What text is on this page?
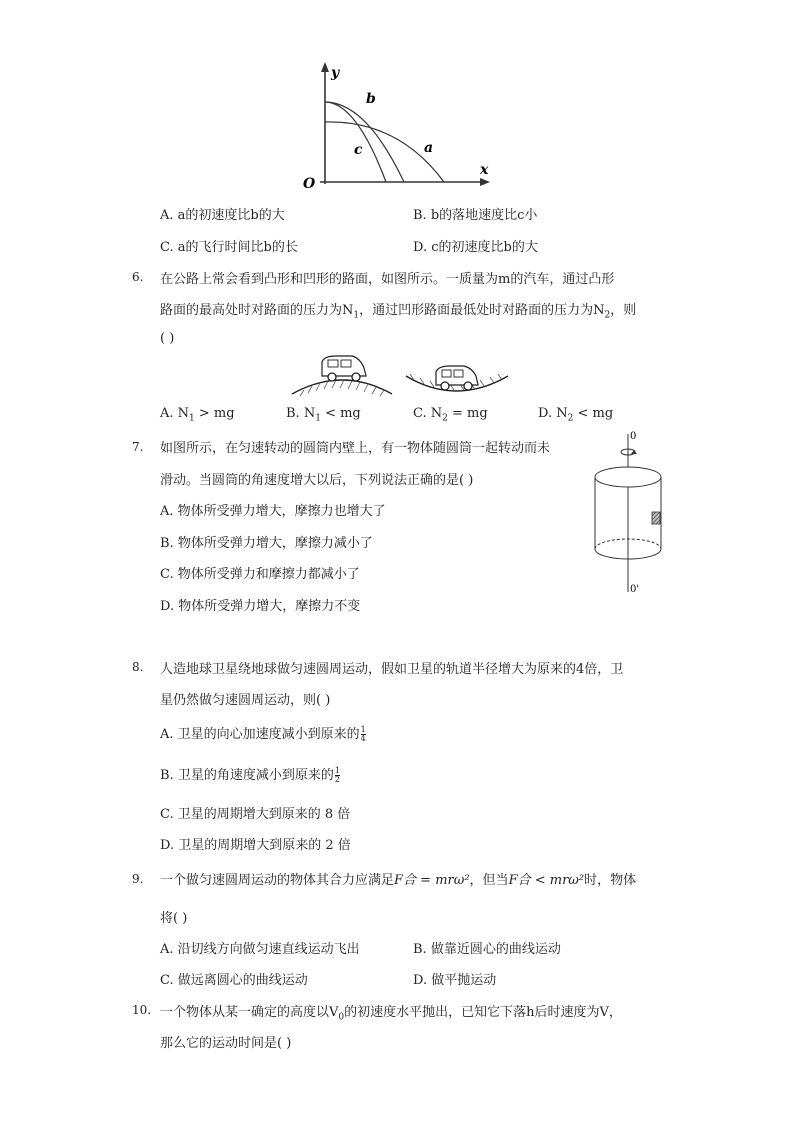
y
x
O
b
c	a
A. a的初速度比b的大	B. b的落地速度比c小
C. a的飞行时间比b的长	D. c的初速度比b的大
6. 在公路上常会看到凸形和凹形的路面，如图所示。一质量为m的汽车，通过凸形
路面的最高处时对路面的压力为$N_1$，通过凹形路面最低处时对路面的压力为$N_2$，则
( )
A. $N_1$ > mg	B. $N_1$ < mg	C. $N_2$ = mg	D. $N_2$ < mg
7. 如图所示，在匀速转动的圆筒内壁上，有一物体随圆筒一起转动而未
滑动。当圆筒的角速度增大以后，下列说法正确的是( )
A. 物体所受弹力增大，摩擦力也增大了
B. 物体所受弹力增大，摩擦力减小了
C. 物体所受弹力和摩擦力都减小了
D. 物体所受弹力增大，摩擦力不变
0
0'
8. 人造地球卫星绕地球做匀速圆周运动，假如卫星的轨道半径增大为原来的4倍，卫
星仍然做匀速圆周运动，则( )
A. 卫星的向心加速度减小到原来的 $\frac{1}{4}$
B. 卫星的角速度减小到原来的 $\frac{1}{2}$
C. 卫星的周期增大到原来的 8 倍
D. 卫星的周期增大到原来的 2 倍
9. 一个做匀速圆周运动的物体其合力应满足F合 = mrω²，但当F合 < mrω²时，物体
将( )
A. 沿切线方向做匀速直线运动飞出	B. 做靠近圆心的曲线运动
C. 做远离圆心的曲线运动	D. 做平抛运动
10. 一个物体从某一确定的高度以$V_0$的初速度水平抛出，已知它下落h后时速度为V，
那么它的运动时间是( )
